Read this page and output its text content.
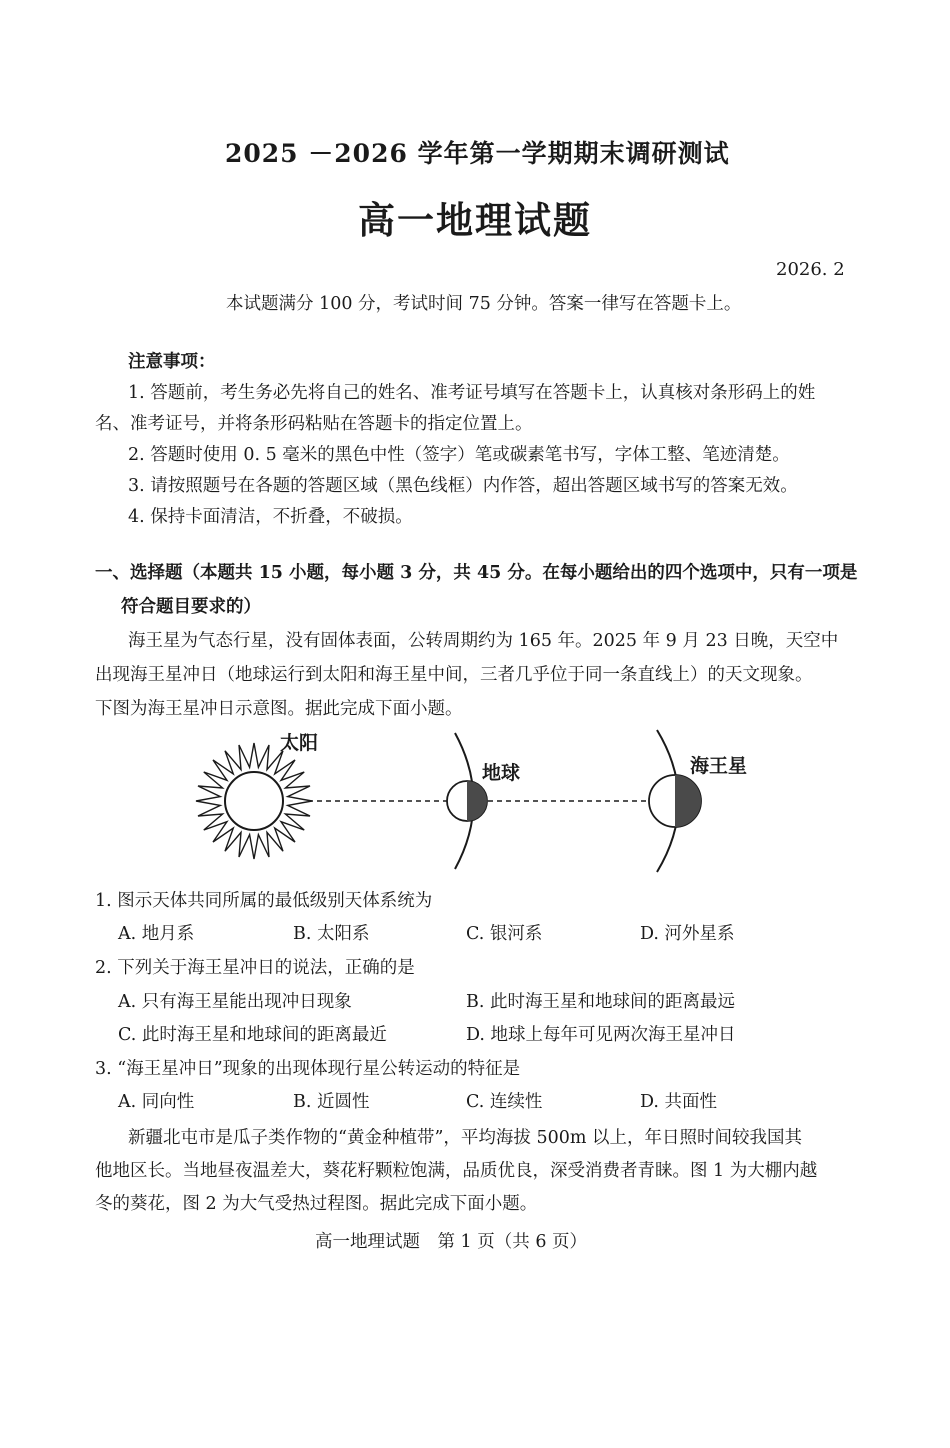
2025 －2026 学年第一学期期末调研测试
高一地理试题
2026. 2
本试题满分 100 分，考试时间 75 分钟。答案一律写在答题卡上。
注意事项：
1. 答题前，考生务必先将自己的姓名、准考证号填写在答题卡上，认真核对条形码上的姓
名、准考证号，并将条形码粘贴在答题卡的指定位置上。
2. 答题时使用 0. 5 毫米的黑色中性（签字）笔或碳素笔书写，字体工整、笔迹清楚。
3. 请按照题号在各题的答题区域（黑色线框）内作答，超出答题区域书写的答案无效。
4. 保持卡面清洁，不折叠，不破损。
一、选择题（本题共 15 小题，每小题 3 分，共 45 分。在每小题给出的四个选项中，只有一项是
符合题目要求的）
海王星为气态行星，没有固体表面，公转周期约为 165 年。2025 年 9 月 23 日晚，天空中
出现海王星冲日（地球运行到太阳和海王星中间，三者几乎位于同一条直线上）的天文现象。
下图为海王星冲日示意图。据此完成下面小题。
太阳
地球	海王星
1. 图示天体共同所属的最低级别天体系统为
A. 地月系	B. 太阳系	C. 银河系	D. 河外星系
2. 下列关于海王星冲日的说法，正确的是
A. 只有海王星能出现冲日现象	B. 此时海王星和地球间的距离最远
C. 此时海王星和地球间的距离最近	D. 地球上每年可见两次海王星冲日
3. “海王星冲日”现象的出现体现行星公转运动的特征是
A. 同向性	B. 近圆性	C. 连续性	D. 共面性
新疆北屯市是瓜子类作物的“黄金种植带”，平均海拔 500m 以上，年日照时间较我国其
他地区长。当地昼夜温差大，葵花籽颗粒饱满，品质优良，深受消费者青睐。图 1 为大棚内越
冬的葵花，图 2 为大气受热过程图。据此完成下面小题。
高一地理试题　第 1 页（共 6 页）
